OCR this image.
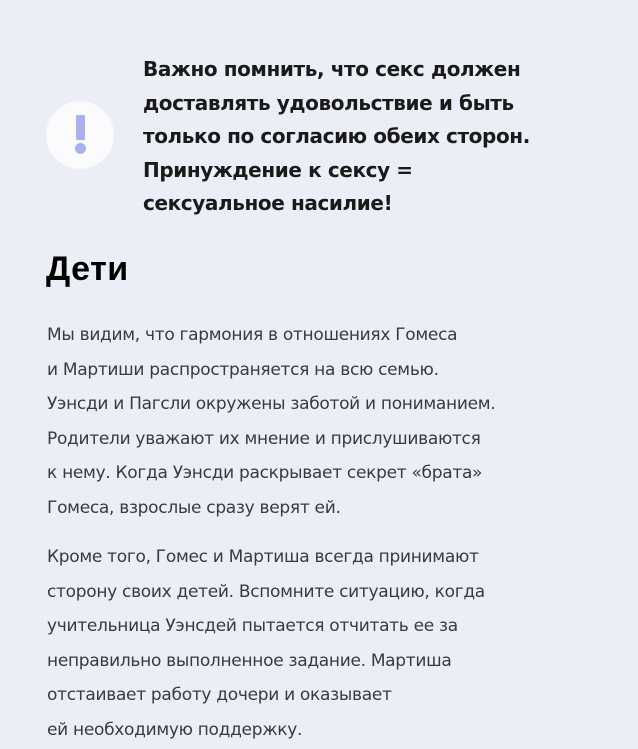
Важно помнить, что секс должен
доставлять удовольствие и быть
только по согласию обеих сторон.
Принуждение к сексу =
сексуальное насилие!
Дети
Мы видим, что гармония в отношениях Гомеса
и Мартиши распространяется на всю семью.
Уэнсди и Пагсли окружены заботой и пониманием.
Родители уважают их мнение и прислушиваются
к нему. Когда Уэнсди раскрывает секрет «брата»
Гомеса, взрослые сразу верят ей.
Кроме того, Гомес и Мартиша всегда принимают
сторону своих детей. Вспомните ситуацию, когда
учительница Уэнсдей пытается отчитать ее за
неправильно выполненное задание. Мартиша
отстаивает работу дочери и оказывает
ей необходимую поддержку.
